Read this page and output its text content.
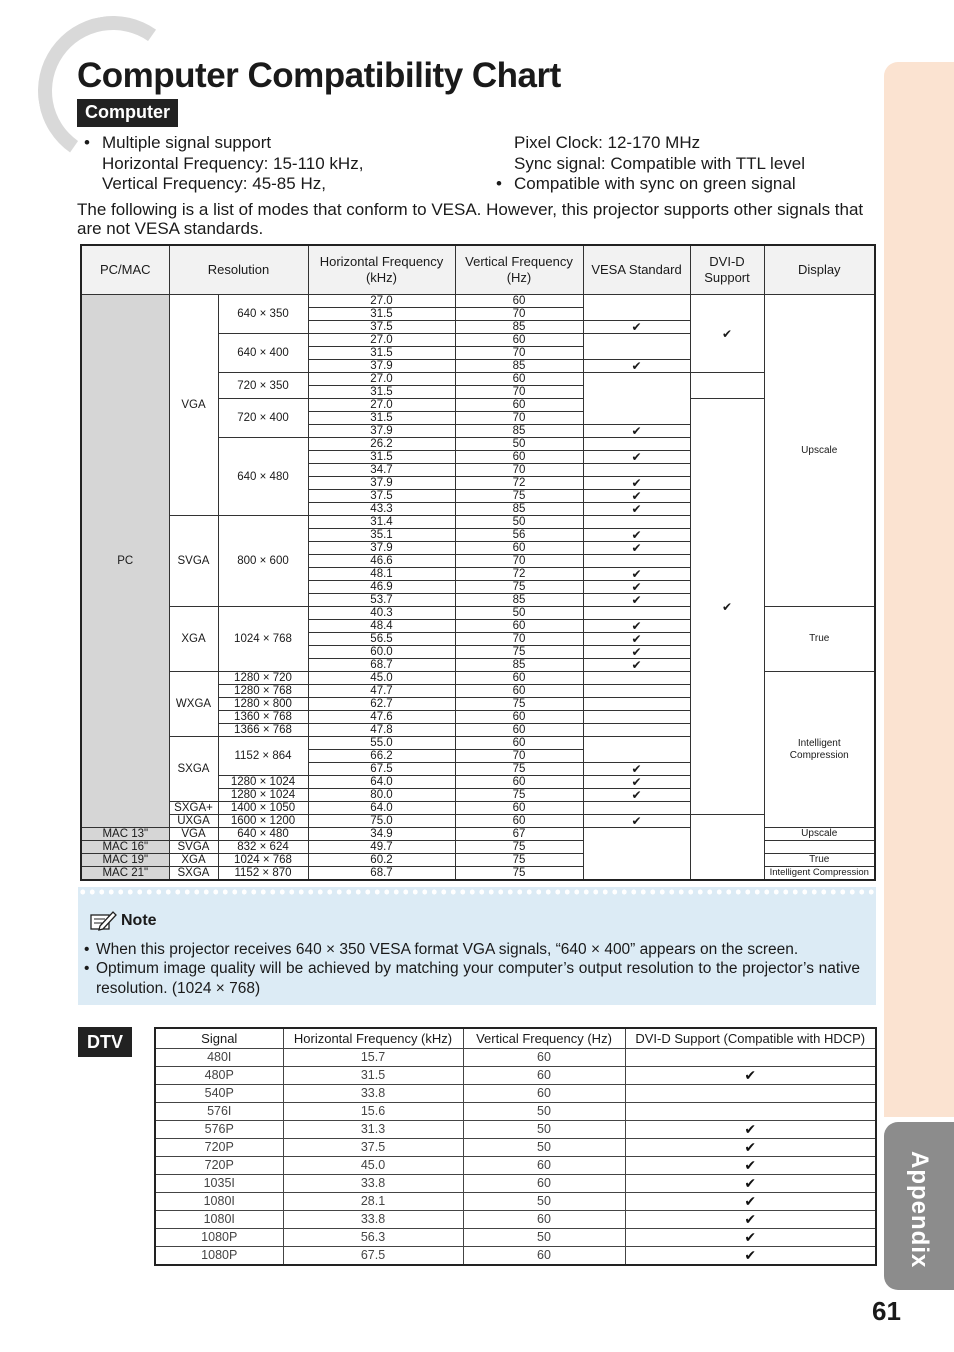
Computer Compatibility Chart
Computer
• Multiple signal support
Horizontal Frequency: 15-110 kHz,
Vertical Frequency: 45-85 Hz,
Pixel Clock: 12-170 MHz
Sync signal: Compatible with TTL level
• Compatible with sync on green signal
The following is a list of modes that conform to VESA. However, this projector supports other signals that are not VESA standards.
Appendix
61
PC/MAC	Resolution		Horizontal Frequency (kHz)	Vertical Frequency (Hz)	VESA Standard	DVI-D Support	Display
PC	VGA	640 × 350	27.0	60		✔	Upscale
			31.5	70			
			37.5	85	✔		
		640 × 400	27.0	60			
			31.5	70			
			37.9	85	✔		
		720 × 350	27.0	60			
			31.5	70			
		720 × 400	27.0	60		✔	
			31.5	70			
			37.9	85	✔		
		640 × 480	26.2	50			
			31.5	60	✔		
			34.7	70			
			37.9	72	✔		
			37.5	75	✔		
			43.3	85	✔		
	SVGA	800 × 600	31.4	50			
			35.1	56	✔		
			37.9	60	✔		
			46.6	70			
			48.1	72	✔		
			46.9	75	✔		
			53.7	85	✔		
	XGA	1024 × 768	40.3	50			True
			48.4	60	✔		
			56.5	70	✔		
			60.0	75	✔		
			68.7	85	✔		
	WXGA	1280 × 720	45.0	60			Intelligent Compression
		1280 × 768	47.7	60			
		1280 × 800	62.7	75			
		1360 × 768	47.6	60			
		1366 × 768	47.8	60			
	SXGA	1152 × 864	55.0	60			
			66.2	70			
			67.5	75	✔		
		1280 × 1024	64.0	60	✔		
		1280 × 1024	80.0	75	✔		
	SXGA+	1400 × 1050	64.0	60			
	UXGA	1600 × 1200	75.0	60	✔		
MAC 13"	VGA	640 × 480	34.9	67			Upscale
MAC 16"	SVGA	832 × 624	49.7	75			
MAC 19"	XGA	1024 × 768	60.2	75			True
MAC 21"	SXGA	1152 × 870	68.7	75			Intelligent Compression
Note
• When this projector receives 640 × 350 VESA format VGA signals, “640 × 400” appears on the screen.
• Optimum image quality will be achieved by matching your computer’s output resolution to the projector’s native resolution. (1024 × 768)
DTV	Signal	Horizontal Frequency (kHz)	Vertical Frequency (Hz)	DVI-D Support (Compatible with HDCP)
480I	15.7	60	
480P	31.5	60	✔
540P	33.8	60	
576I	15.6	50	
576P	31.3	50	✔
720P	37.5	50	✔
720P	45.0	60	✔
1035I	33.8	60	✔
1080I	28.1	50	✔
1080I	33.8	60	✔
1080P	56.3	50	✔
1080P	67.5	60	✔
